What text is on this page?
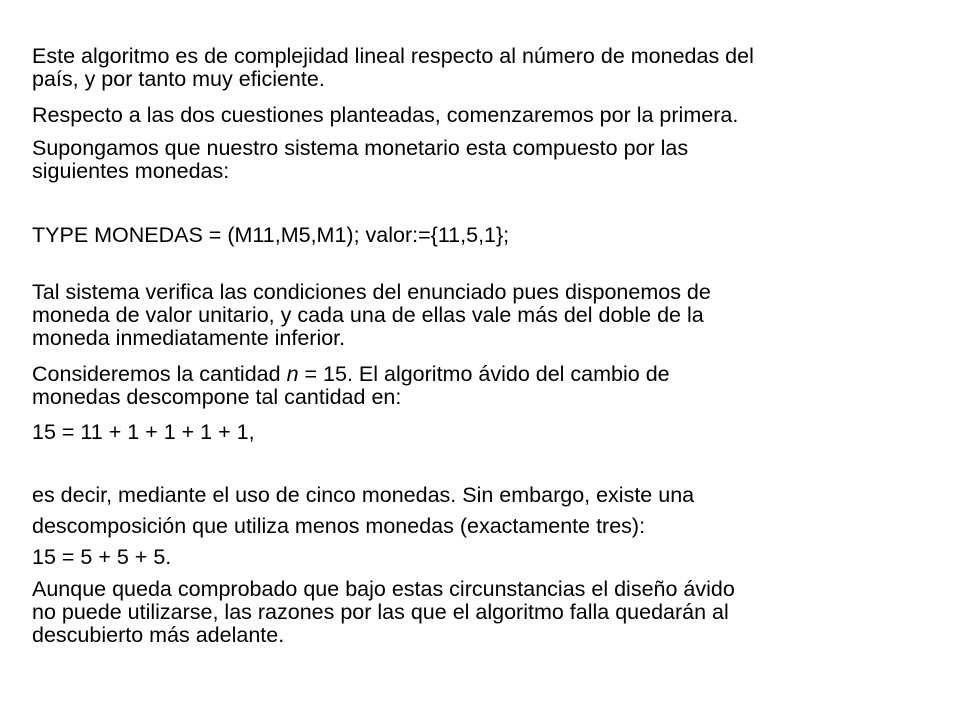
Este algoritmo es de complejidad lineal respecto al número de monedas del
país, y por tanto muy eficiente.

Respecto a las dos cuestiones planteadas, comenzaremos por la primera.

Supongamos que nuestro sistema monetario esta compuesto por las
siguientes monedas:

TYPE MONEDAS = (M11,M5,M1); valor:={11,5,1};

Tal sistema verifica las condiciones del enunciado pues disponemos de
moneda de valor unitario, y cada una de ellas vale más del doble de la
moneda inmediatamente inferior.

Consideremos la cantidad n = 15. El algoritmo ávido del cambio de
monedas descompone tal cantidad en:

15 = 11 + 1 + 1 + 1 + 1,

es decir, mediante el uso de cinco monedas. Sin embargo, existe una

descomposición que utiliza menos monedas (exactamente tres):

15 = 5 + 5 + 5.

Aunque queda comprobado que bajo estas circunstancias el diseño ávido
no puede utilizarse, las razones por las que el algoritmo falla quedarán al
descubierto más adelante.
